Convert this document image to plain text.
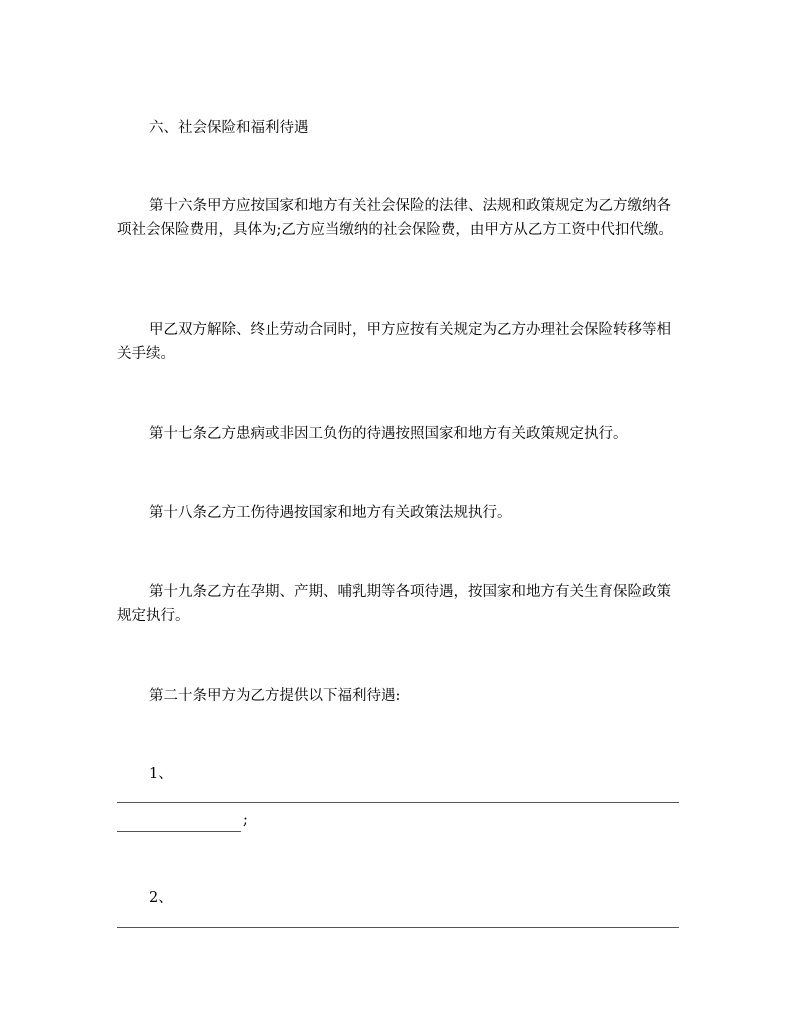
六、社会保险和福利待遇

第十六条甲方应按国家和地方有关社会保险的法律、法规和政策规定为乙方缴纳各项社会保险费用，具体为;乙方应当缴纳的社会保险费，由甲方从乙方工资中代扣代缴。

甲乙双方解除、终止劳动合同时，甲方应按有关规定为乙方办理社会保险转移等相关手续。

第十七条乙方患病或非因工负伤的待遇按照国家和地方有关政策规定执行。

第十八条乙方工伤待遇按国家和地方有关政策法规执行。

第十九条乙方在孕期、产期、哺乳期等各项待遇，按国家和地方有关生育保险政策规定执行。

第二十条甲方为乙方提供以下福利待遇:

1、

;

2、
